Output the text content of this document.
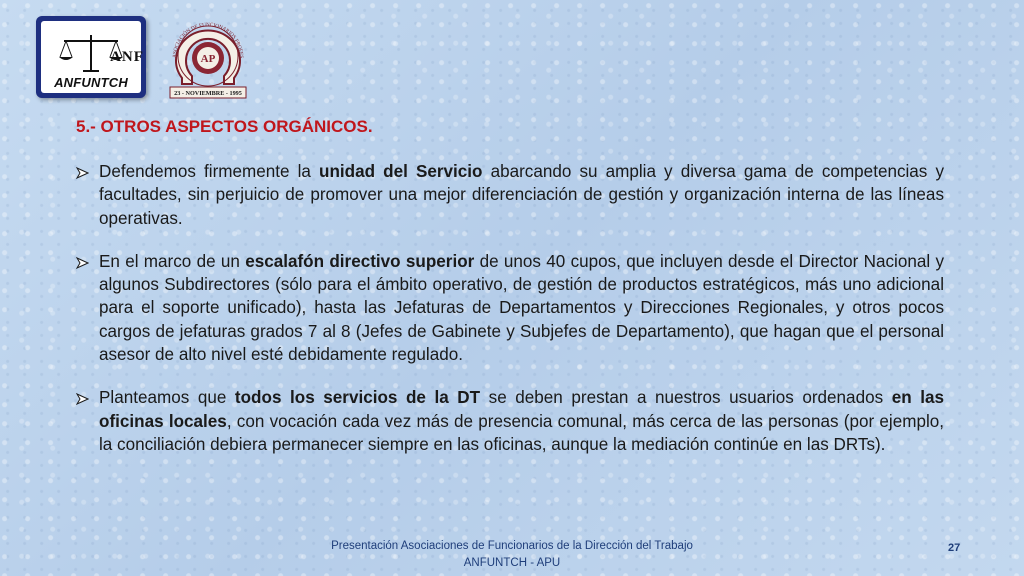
ANF
ANFUNTCH
ASOCIACIÓN DE FUNCIONARIOS PROFES
AP
23 - NOVIEMBRE - 1995
5.- OTROS ASPECTOS ORGÁNICOS.
Defendemos firmemente la unidad del Servicio abarcando su amplia y diversa gama de competencias y facultades, sin perjuicio de promover una mejor diferenciación de gestión y organización interna de las líneas operativas.
En el marco de un escalafón directivo superior de unos 40 cupos, que incluyen desde el Director Nacional y algunos Subdirectores (sólo para el ámbito operativo, de gestión de productos estratégicos, más uno adicional para el soporte unificado), hasta las Jefaturas de Departamentos y Direcciones Regionales, y otros pocos cargos de jefaturas grados 7 al 8 (Jefes de Gabinete y Subjefes de Departamento), que hagan que el personal asesor de alto nivel esté debidamente regulado.
Planteamos que todos los servicios de la DT se deben prestan a nuestros usuarios ordenados en las oficinas locales, con vocación cada vez más de presencia comunal, más cerca de las personas (por ejemplo, la conciliación debiera permanecer siempre en las oficinas, aunque la mediación continúe en las DRTs).
Presentación Asociaciones de Funcionarios de la Dirección del Trabajo
ANFUNTCH - APU
27
